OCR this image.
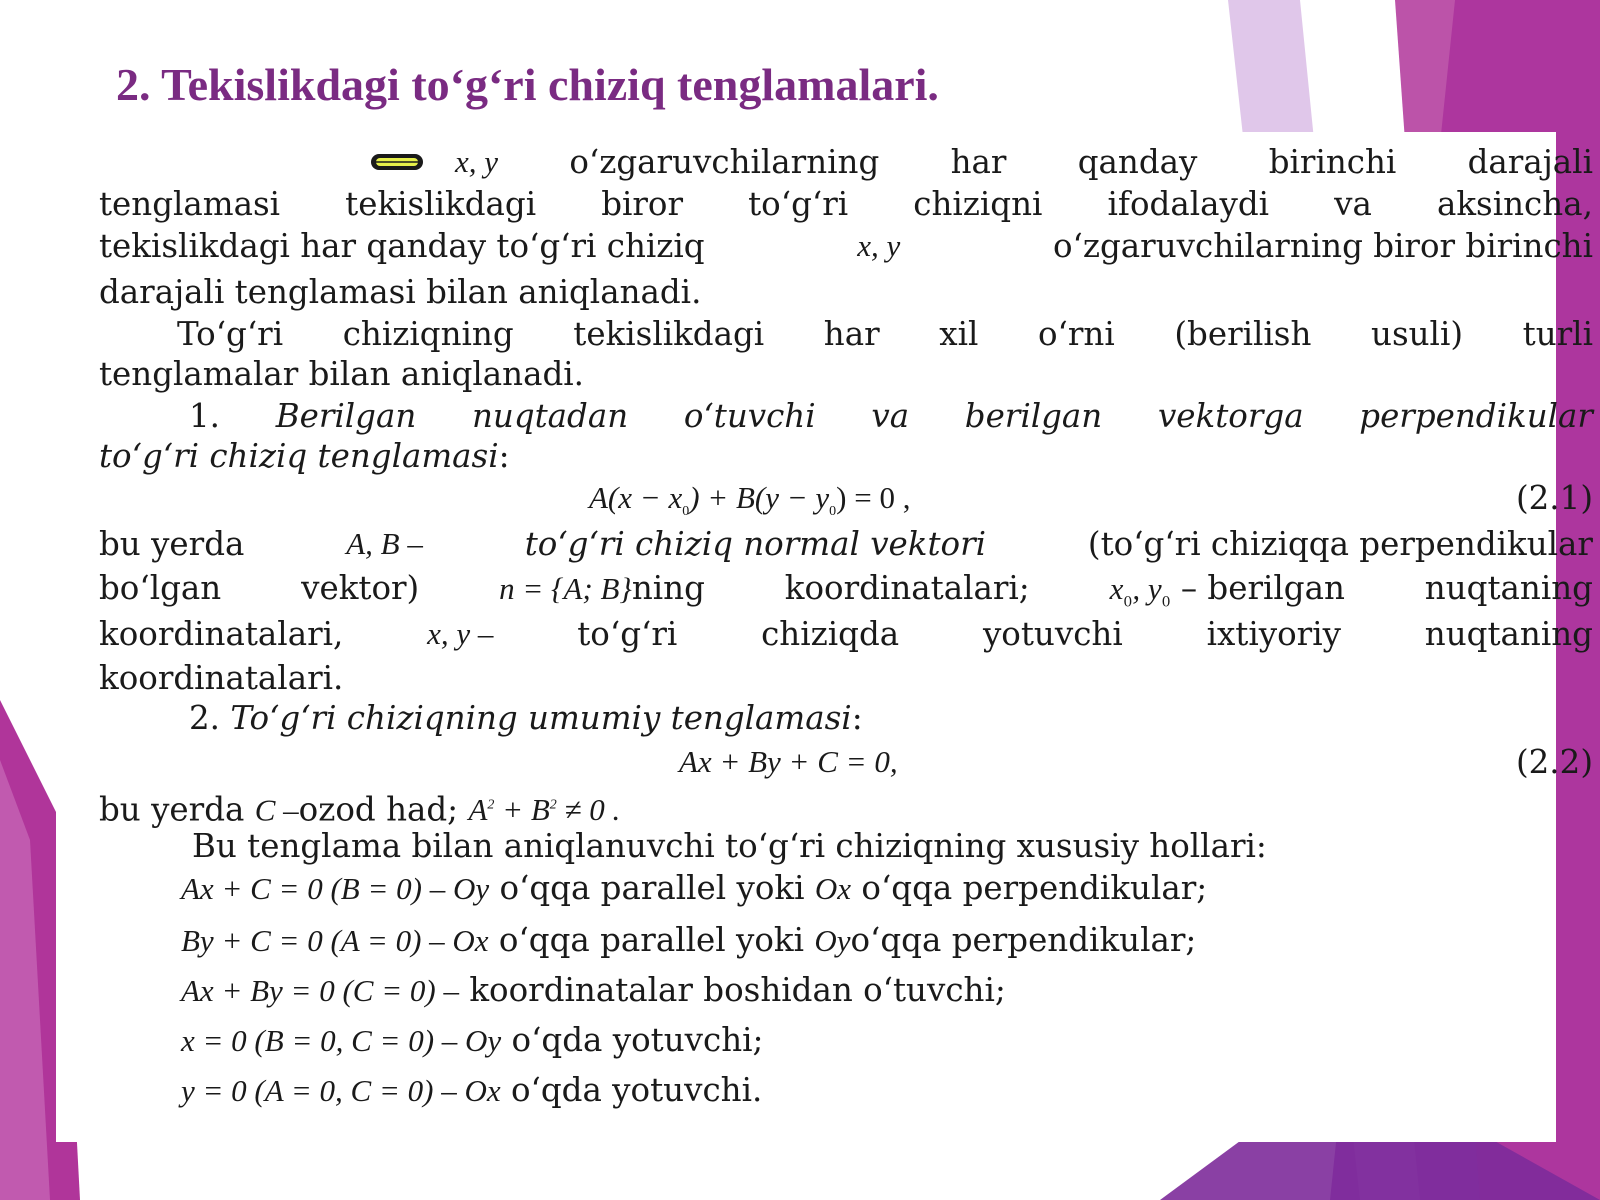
2. Tekislikdagi to‘g‘ri chiziq tenglamalari.
x, y o‘zgaruvchilarning har qanday birinchi darajali
tenglamasi tekislikdagi biror to‘g‘ri chiziqni ifodalaydi va aksincha,
tekislikdagi har qanday to‘g‘ri chiziq	x, y	o‘zgaruvchilarning biror birinchi
darajali tenglamasi bilan aniqlanadi.
To‘g‘ri chiziqning tekislikdagi har xil o‘rni (berilish usuli) turli
tenglamalar bilan aniqlanadi.
1. Berilgan nuqtadan o‘tuvchi va berilgan vektorga perpendikular
to‘g‘ri chiziq tenglamasi:
$A(x - x_0) + B(y - y_0) = 0$ ,	(2.1)
bu yerda	A, B –	to‘g‘ri chiziq normal vektori	(to‘g‘ri chiziqqa perpendikular
bo‘lgan vektor)	n = {A; B}ning koordinatalari;	$x_0$, $y_0$ – berilgan nuqtaning
koordinatalari,	x, y –	to‘g‘ri	chiziqda	yotuvchi	ixtiyoriy	nuqtaning
koordinatalari.
2. To‘g‘ri chiziqning umumiy tenglamasi:
Ax + By + C = 0,	(2.2)
bu yerda C –ozod had; $A^2 + B^2 \ne 0$ .
Bu tenglama bilan aniqlanuvchi to‘g‘ri chiziqning xususiy hollari:
Ax + C = 0 (B = 0) – Oy o‘qqa parallel yoki Ox o‘qqa perpendikular;
By + C = 0 (A = 0) – Ox o‘qqa parallel yoki Oyo‘qqa perpendikular;
Ax + By = 0 (C = 0) – koordinatalar boshidan o‘tuvchi;
x = 0 (B = 0, C = 0) – Oy o‘qda yotuvchi;
y = 0 (A = 0, C = 0) – Ox o‘qda yotuvchi.
